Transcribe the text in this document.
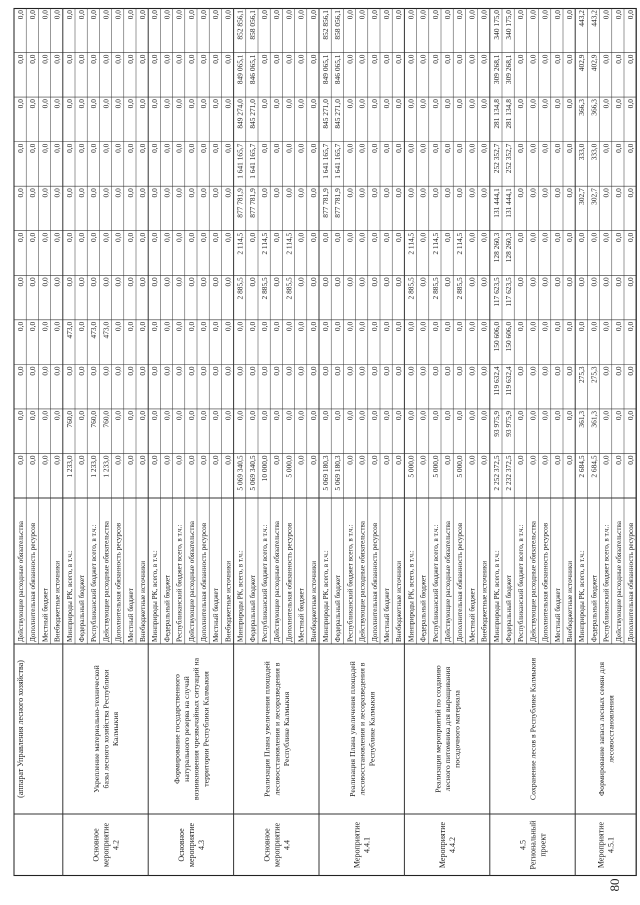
Действующие расходные обязательства
0,0
0,0
0,0
0,0
0,0
0,0
0,0
0,0
0,0
0,0
0,0
Дополнительная обязанность ресурсов
0,0
0,0
0,0
0,0
0,0
0,0
0,0
0,0
0,0
0,0
0,0
Местный бюджет
0,0
0,0
0,0
0,0
0,0
0,0
0,0
0,0
0,0
0,0
0,0
Внебюджетные источники
0,0
0,0
0,0
0,0
0,0
0,0
0,0
0,0
0,0
0,0
0,0
(аппарат Управления лесного хозяйства)
Минприроды РК, всего, в т.ч.:
1 233,0
760,0
0,0
473,0
0,0
0,0
0,0
0,0
0,0
0,0
0,0
Федеральный бюджет
0,0
0,0
0,0
0,0
0,0
0,0
0,0
0,0
0,0
0,0
0,0
Республиканский бюджет всего, в т.ч.:
1 233,0
760,0
0,0
473,0
0,0
0,0
0,0
0,0
0,0
0,0
0,0
Действующие расходные обязательства
1 233,0
760,0
0,0
473,0
0,0
0,0
0,0
0,0
0,0
0,0
0,0
Дополнительная обязанность ресурсов
0,0
0,0
0,0
0,0
0,0
0,0
0,0
0,0
0,0
0,0
0,0
Местный бюджет
0,0
0,0
0,0
0,0
0,0
0,0
0,0
0,0
0,0
0,0
0,0
Внебюджетные источники
0,0
0,0
0,0
0,0
0,0
0,0
0,0
0,0
0,0
0,0
0,0
Основное мероприятие 4.2
Укрепление материально-технической базы лесного хозяйства Республики Калмыкия
Минприроды РК, всего, в т.ч.:
0,0
0,0
0,0
0,0
0,0
0,0
0,0
0,0
0,0
0,0
0,0
Федеральный бюджет
0,0
0,0
0,0
0,0
0,0
0,0
0,0
0,0
0,0
0,0
0,0
Республиканский бюджет всего, в т.ч.:
0,0
0,0
0,0
0,0
0,0
0,0
0,0
0,0
0,0
0,0
0,0
Действующие расходные обязательства
0,0
0,0
0,0
0,0
0,0
0,0
0,0
0,0
0,0
0,0
0,0
Дополнительная обязанность ресурсов
0,0
0,0
0,0
0,0
0,0
0,0
0,0
0,0
0,0
0,0
0,0
Местный бюджет
0,0
0,0
0,0
0,0
0,0
0,0
0,0
0,0
0,0
0,0
0,0
Внебюджетные источники
0,0
0,0
0,0
0,0
0,0
0,0
0,0
0,0
0,0
0,0
0,0
Основное мероприятие 4.3
Формирование государственного натурального резерва на случай возникновения чрезвычайных ситуаций на территории Республики Калмыкия
Минприроды РК, всего, в т.ч.:
5 069 340,5
0,0
0,0
0,0
2 885,5
2 114,5
877 781,9
1 641 165,7
849 274,0
849 065,1
852 856,1
Федеральный бюджет
5 069 340,5
0,0
0,0
0,0
0,0
0,0
877 781,9
1 641 165,7
845 271,0
846 065,1
858 056,1
Республиканский бюджет всего, в т.ч.:
10 000,0
0,0
0,0
0,0
2 885,5
2 114,5
0,0
0,0
0,0
0,0
0,0
Действующие расходные обязательства
0,0
0,0
0,0
0,0
0,0
0,0
0,0
0,0
0,0
0,0
0,0
Дополнительная обязанность ресурсов
5 000,0
0,0
0,0
0,0
2 885,5
2 114,5
0,0
0,0
0,0
0,0
0,0
Местный бюджет
0,0
0,0
0,0
0,0
0,0
0,0
0,0
0,0
0,0
0,0
0,0
Внебюджетные источники
0,0
0,0
0,0
0,0
0,0
0,0
0,0
0,0
0,0
0,0
0,0
Основное мероприятие 4.4
Реализация Плана увеличения площадей лесовосстановления и лесоразведения в Республике Калмыкия
Минприроды РК, всего, в т.ч.:
5 069 180,3
0,0
0,0
0,0
0,0
0,0
877 781,9
1 641 165,7
845 271,0
849 065,1
852 856,1
Федеральный бюджет
5 069 180,3
0,0
0,0
0,0
0,0
0,0
877 781,9
1 641 165,7
845 271,0
846 065,1
858 056,1
Республиканский бюджет всего, в т.ч.:
0,0
0,0
0,0
0,0
0,0
0,0
0,0
0,0
0,0
0,0
0,0
Действующие расходные обязательства
0,0
0,0
0,0
0,0
0,0
0,0
0,0
0,0
0,0
0,0
0,0
Дополнительная обязанность ресурсов
0,0
0,0
0,0
0,0
0,0
0,0
0,0
0,0
0,0
0,0
0,0
Местный бюджет
0,0
0,0
0,0
0,0
0,0
0,0
0,0
0,0
0,0
0,0
0,0
Внебюджетные источники
0,0
0,0
0,0
0,0
0,0
0,0
0,0
0,0
0,0
0,0
0,0
Мероприятие 4.4.1
Реализация Плана увеличения площадей лесовосстановления и лесоразведения в Республике Калмыкия
Минприроды РК, всего, в т.ч.:
5 000,0
0,0
0,0
0,0
2 885,5
2 114,5
0,0
0,0
0,0
0,0
0,0
Федеральный бюджет
0,0
0,0
0,0
0,0
0,0
0,0
0,0
0,0
0,0
0,0
0,0
Республиканский бюджет всего, в т.ч.:
5 000,0
0,0
0,0
0,0
2 885,5
2 114,5
0,0
0,0
0,0
0,0
0,0
Действующие расходные обязательства
0,0
0,0
0,0
0,0
0,0
0,0
0,0
0,0
0,0
0,0
0,0
Дополнительная обязанность ресурсов
5 000,0
0,0
0,0
0,0
2 885,5
2 114,5
0,0
0,0
0,0
0,0
0,0
Местный бюджет
0,0
0,0
0,0
0,0
0,0
0,0
0,0
0,0
0,0
0,0
0,0
Внебюджетные источники
0,0
0,0
0,0
0,0
0,0
0,0
0,0
0,0
0,0
0,0
0,0
Мероприятие 4.4.2
Реализация мероприятий по созданию лесного питомника для выращивания посадочного материала
Минприроды РК, всего, в т.ч.:
2 252 372,5
93 975,9
119 632,4
150 606,0
117 623,5
128 260,3
131 444,1
252 352,7
281 134,8
309 268,1
340 175,0
Федеральный бюджет
2 232 372,5
93 975,9
119 632,4
150 606,0
117 623,5
128 260,3
131 444,1
252 352,7
281 134,8
309 268,1
340 175,0
Республиканский бюджет всего, в т.ч.:
0,0
0,0
0,0
0,0
0,0
0,0
0,0
0,0
0,0
0,0
0,0
Действующие расходные обязательства
0,0
0,0
0,0
0,0
0,0
0,0
0,0
0,0
0,0
0,0
0,0
Дополнительная обязанность ресурсов
0,0
0,0
0,0
0,0
0,0
0,0
0,0
0,0
0,0
0,0
0,0
Местный бюджет
0,0
0,0
0,0
0,0
0,0
0,0
0,0
0,0
0,0
0,0
0,0
Внебюджетные источники
0,0
0,0
0,0
0,0
0,0
0,0
0,0
0,0
0,0
0,0
0,0
4.5 Региональный проект
Сохранение лесов в Республике Калмыкия
Минприроды РК, всего, в т.ч.:
2 684,5
361,3
275,3
0,0
0,0
0,0
302,7
333,0
366,3
402,9
443,2
Федеральный бюджет
2 684,5
361,3
275,3
0,0
0,0
0,0
302,7
333,0
366,3
402,9
443,2
Республиканский бюджет всего, в т.ч.:
0,0
0,0
0,0
0,0
0,0
0,0
0,0
0,0
0,0
0,0
0,0
Действующие расходные обязательства
0,0
0,0
0,0
0,0
0,0
0,0
0,0
0,0
0,0
0,0
0,0
Дополнительная обязанность ресурсов
0,0
0,0
0,0
0,0
0,0
0,0
0,0
0,0
0,0
0,0
0,0
Мероприятие 4.5.1
Формирование запаса лесных семян для лесовосстановления
80
